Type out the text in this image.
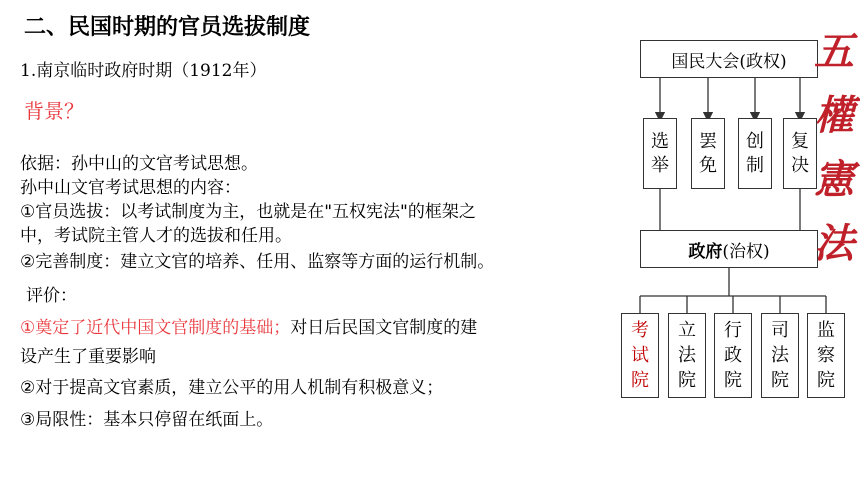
二、民国时期的官员选拔制度
1.南京临时政府时期（1912年）
背景？
依据：孙中山的文官考试思想。
孙中山文官考试思想的内容：
①官员选拔：以考试制度为主，也就是在"五权宪法"的框架之
中，考试院主管人才的选拔和任用。
②完善制度：建立文官的培养、任用、监察等方面的运行机制。
评价：
①奠定了近代中国文官制度的基础；对日后民国文官制度的建
设产生了重要影响
②对于提高文官素质，建立公平的用人机制有积极意义；
③局限性：基本只停留在纸面上。
国民大会(政权)
选
举
罢
免
创
制
复
决
政府 (治权)
考
试
院
立
法
院
行
政
院
司
法
院
监
察
院
五
權
憲
法
